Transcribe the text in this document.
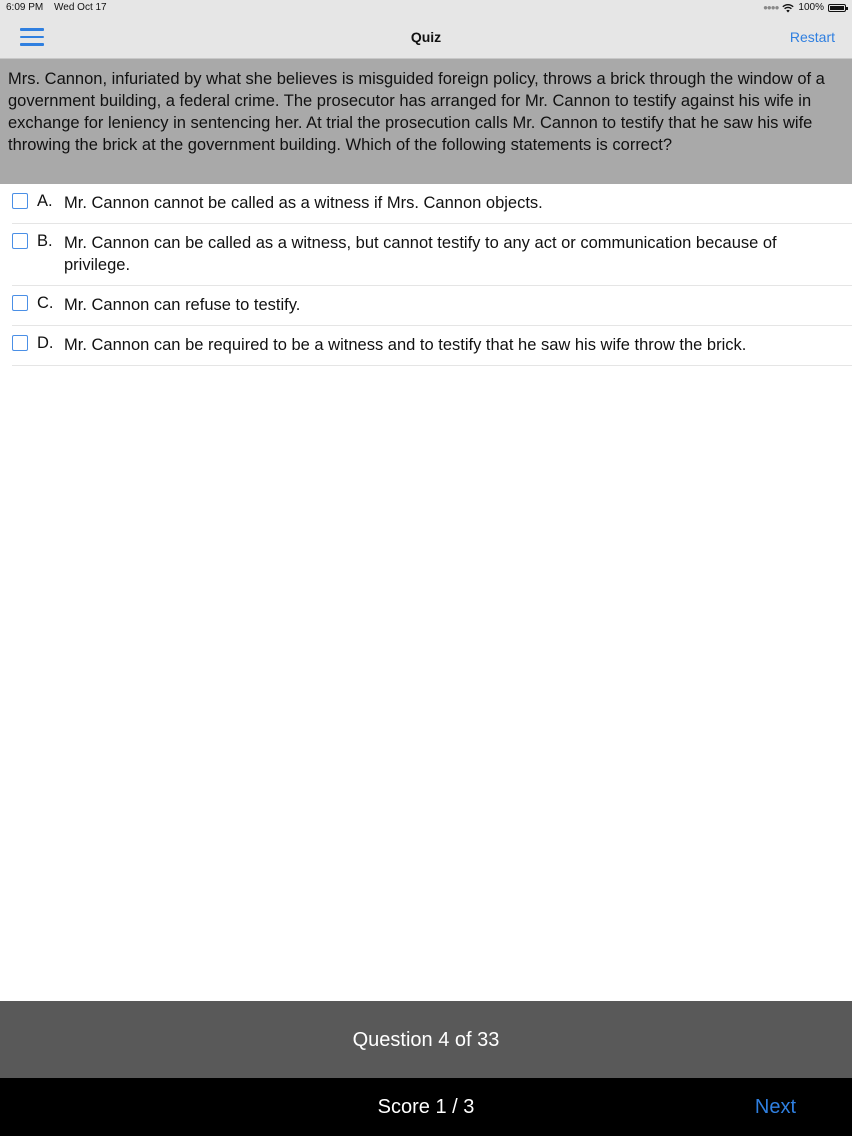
6:09 PM Wed Oct 17	●●●● 100%
Quiz	Restart

Mrs. Cannon, infuriated by what she believes is misguided foreign policy, throws a brick through the window of a government building, a federal crime. The prosecutor has arranged for Mr. Cannon to testify against his wife in exchange for leniency in sentencing her. At trial the prosecution calls Mr. Cannon to testify that he saw his wife throwing the brick at the government building. Which of the following statements is correct?

A. Mr. Cannon cannot be called as a witness if Mrs. Cannon objects.
B. Mr. Cannon can be called as a witness, but cannot testify to any act or communication because of privilege.
C. Mr. Cannon can refuse to testify.
D. Mr. Cannon can be required to be a witness and to testify that he saw his wife throw the brick.
Question 4 of 33
Score 1 / 3	Next
